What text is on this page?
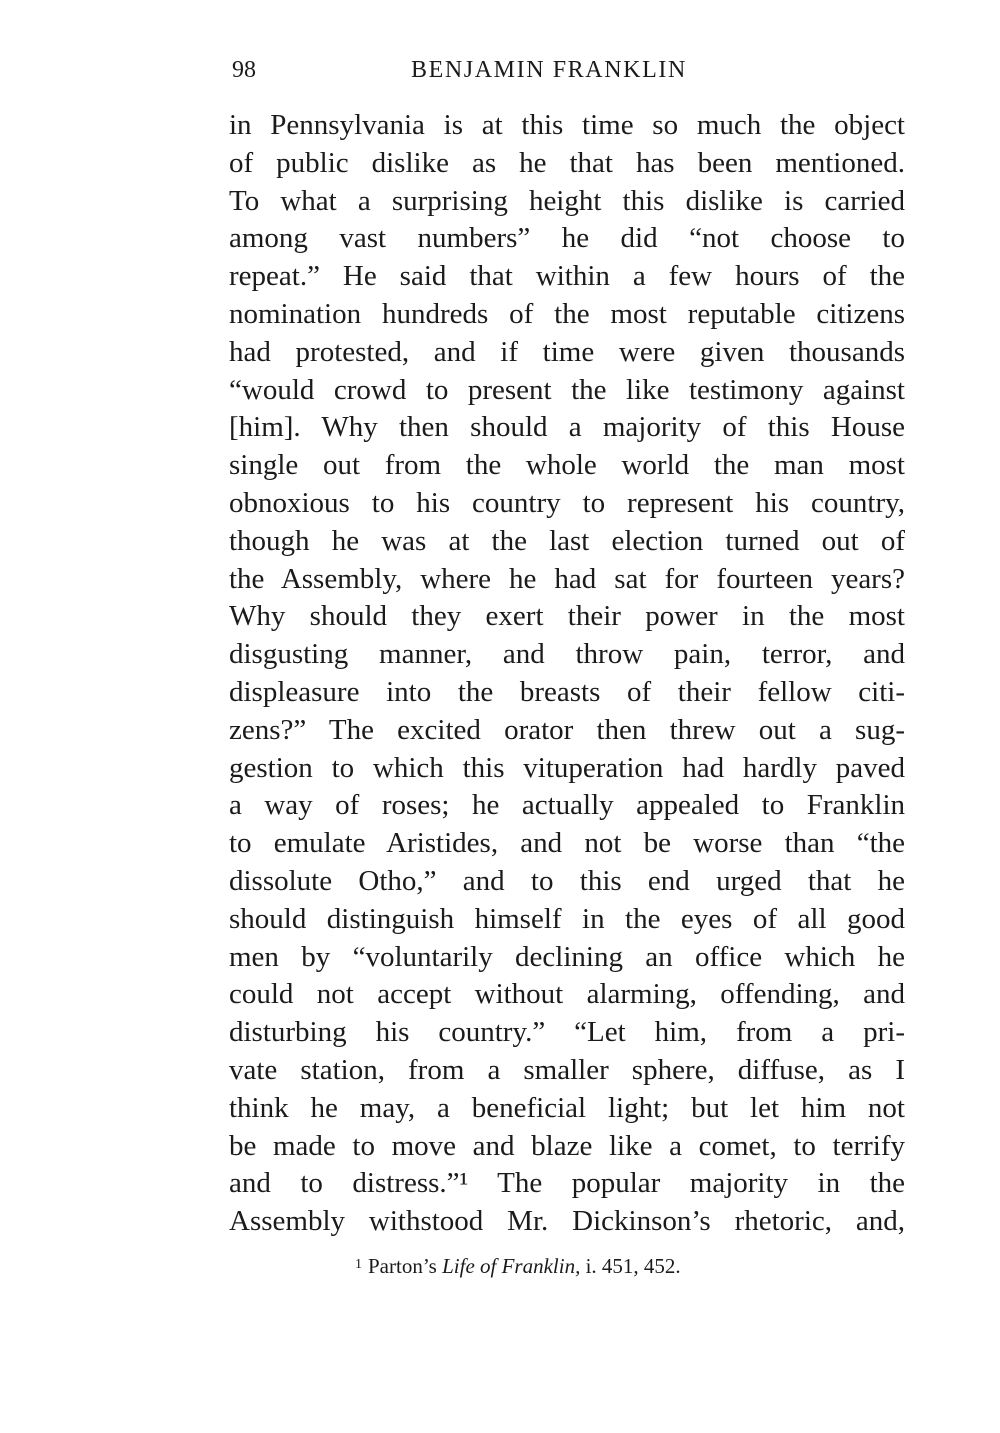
98	BENJAMIN FRANKLIN
in Pennsylvania is at this time so much the object
of public dislike as he that has been mentioned.
To what a surprising height this dislike is carried
among vast numbers” he did “not choose to
repeat.” He said that within a few hours of the
nomination hundreds of the most reputable citizens
had protested, and if time were given thousands
“would crowd to present the like testimony against
[him]. Why then should a majority of this House
single out from the whole world the man most
obnoxious to his country to represent his country,
though he was at the last election turned out of
the Assembly, where he had sat for fourteen years?
Why should they exert their power in the most
disgusting manner, and throw pain, terror, and
displeasure into the breasts of their fellow citi-
zens?” The excited orator then threw out a sug-
gestion to which this vituperation had hardly paved
a way of roses; he actually appealed to Franklin
to emulate Aristides, and not be worse than “the
dissolute Otho,” and to this end urged that he
should distinguish himself in the eyes of all good
men by “voluntarily declining an office which he
could not accept without alarming, offending, and
disturbing his country.” “Let him, from a pri-
vate station, from a smaller sphere, diffuse, as I
think he may, a beneficial light; but let him not
be made to move and blaze like a comet, to terrify
and to distress.”¹ The popular majority in the
Assembly withstood Mr. Dickinson’s rhetoric, and,
$^1$ Parton’s Life of Franklin, i. 451, 452.
